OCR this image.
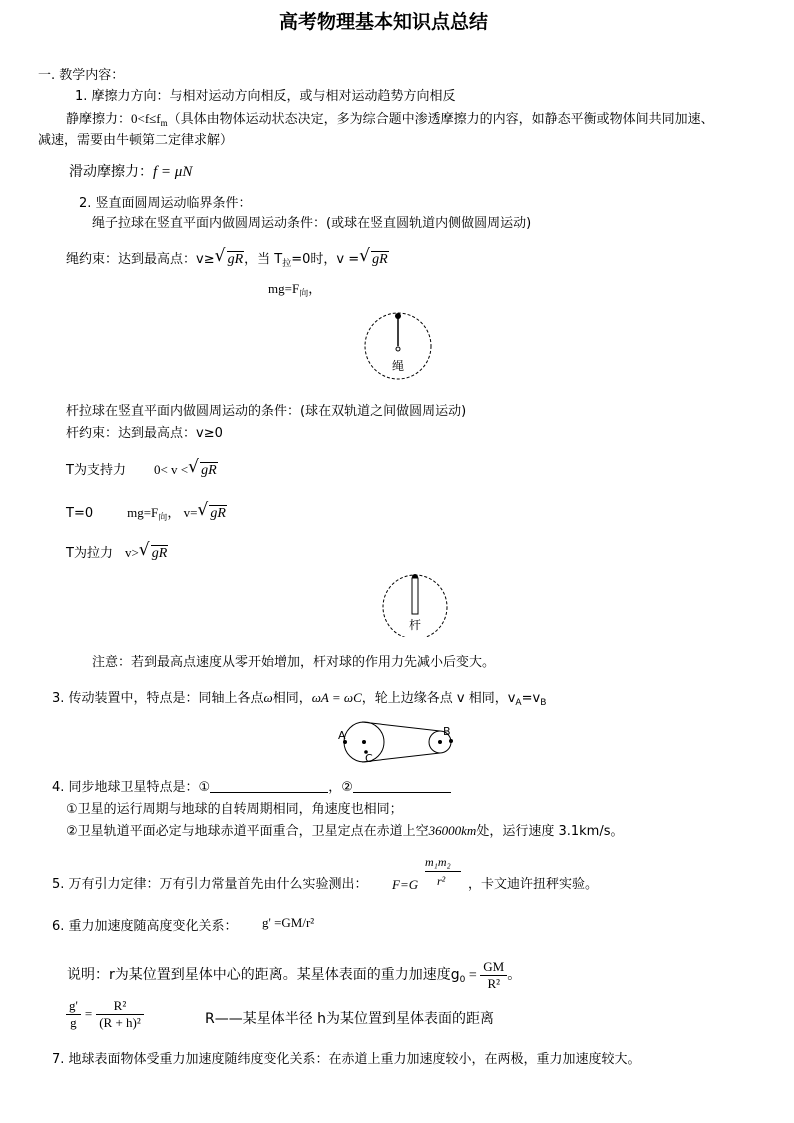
高考物理基本知识点总结
一. 教学内容：
1. 摩擦力方向：与相对运动方向相反，或与相对运动趋势方向相反
静摩擦力：$0<f\le f_m$（具体由物体运动状态决定，多为综合题中渗透摩擦力的内容，如静态平衡或物体间共同加速、
减速，需要由牛顿第二定律求解）
滑动摩擦力：f = μN
2. 竖直面圆周运动临界条件：
绳子拉球在竖直平面内做圆周运动条件：(或球在竖直圆轨道内侧做圆周运动)
绳约束：达到最高点：v≥ √ gR，当 $T_拉=0$时，v = √ gR
$mg=F_向$，
绳
杆拉球在竖直平面内做圆周运动的条件：(球在双轨道之间做圆周运动)
杆约束：达到最高点：v≥0
T为支持力 0< v < √ gR
T=0	$mg=F_向$， v= √ gR
T为拉力 v> √ gR
杆
注意：若到最高点速度从零开始增加，杆对球的作用力先减小后变大。
3. 传动装置中，特点是：同轴上各点ω相同，ωA = ωC，轮上边缘各点 v 相同，$v_A=v_B$
A	B
C
4. 同步地球卫星特点是：①	，②
①卫星的运行周期与地球的自转周期相同，角速度也相同；
②卫星轨道平面必定与地球赤道平面重合，卫星定点在赤道上空36000km处，运行速度 3.1km/s。
5. 万有引力定律：万有引力常量首先由什么实验测出： F=G
m₁m₂
r² ，卡文迪许扭秤实验。
6. 重力加速度随高度变化关系： g' =GM/r²
说明：r为某位置到星体中心的距离。某星体表面的重力加速度$g_0 = \frac{GM}{\text{R²}}$ 。
$\frac{g'}{g} = \frac{\text{R²}}{\text{(R + h)²}}$	R——某星体半径 h为某位置到星体表面的距离
7. 地球表面物体受重力加速度随纬度变化关系：在赤道上重力加速度较小，在两极，重力加速度较大。
